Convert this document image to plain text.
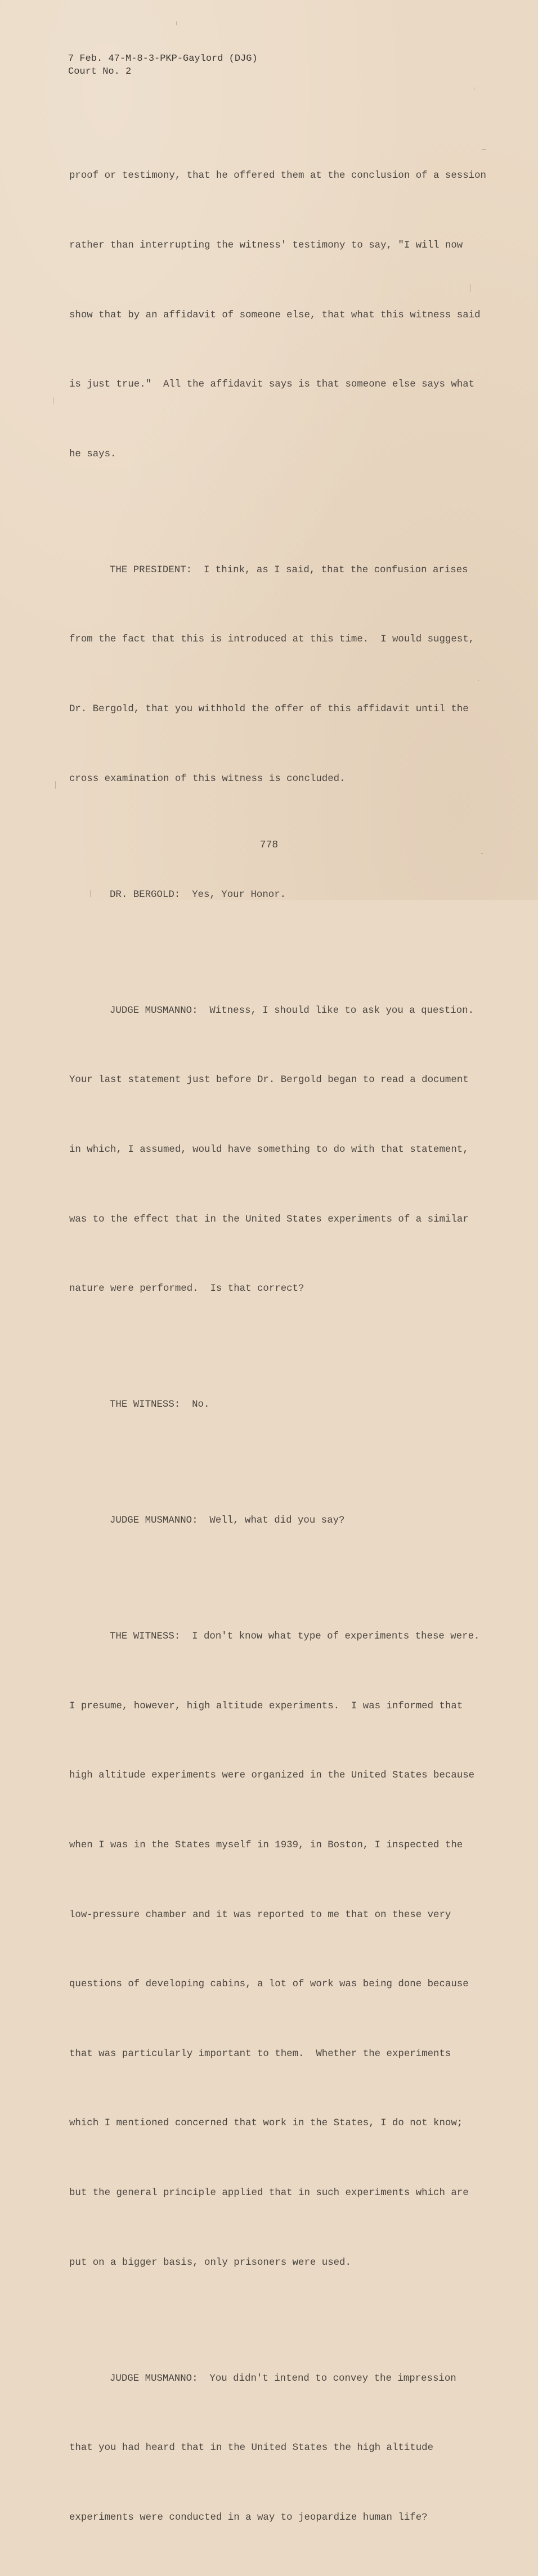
7 Feb. 47-M-8-3-PKP-Gaylord (DJG)
Court No. 2

proof or testimony, that he offered them at the conclusion of a session

rather than interrupting the witness' testimony to say, "I will now

show that by an affidavit of someone else, that what this witness said

is just true."  All the affidavit says is that someone else says what

he says.

THE PRESIDENT:  I think, as I said, that the confusion arises

from the fact that this is introduced at this time.  I would suggest,

Dr. Bergold, that you withhold the offer of this affidavit until the

cross examination of this witness is concluded.

DR. BERGOLD:  Yes, Your Honor.

JUDGE MUSMANNO:  Witness, I should like to ask you a question.

Your last statement just before Dr. Bergold began to read a document

in which, I assumed, would have something to do with that statement,

was to the effect that in the United States experiments of a similar

nature were performed.  Is that correct?

THE WITNESS:  No.

JUDGE MUSMANNO:  Well, what did you say?

THE WITNESS:  I don't know what type of experiments these were.

I presume, however, high altitude experiments.  I was informed that

high altitude experiments were organized in the United States because

when I was in the States myself in 1939, in Boston, I inspected the

low-pressure chamber and it was reported to me that on these very

questions of developing cabins, a lot of work was being done because

that was particularly important to them.  Whether the experiments

which I mentioned concerned that work in the States, I do not know;

but the general principle applied that in such experiments which are

put on a bigger basis, only prisoners were used.

JUDGE MUSMANNO:  You didn't intend to convey the impression

that you had heard that in the United States the high altitude

experiments were conducted in a way to jeopardize human life?

778
